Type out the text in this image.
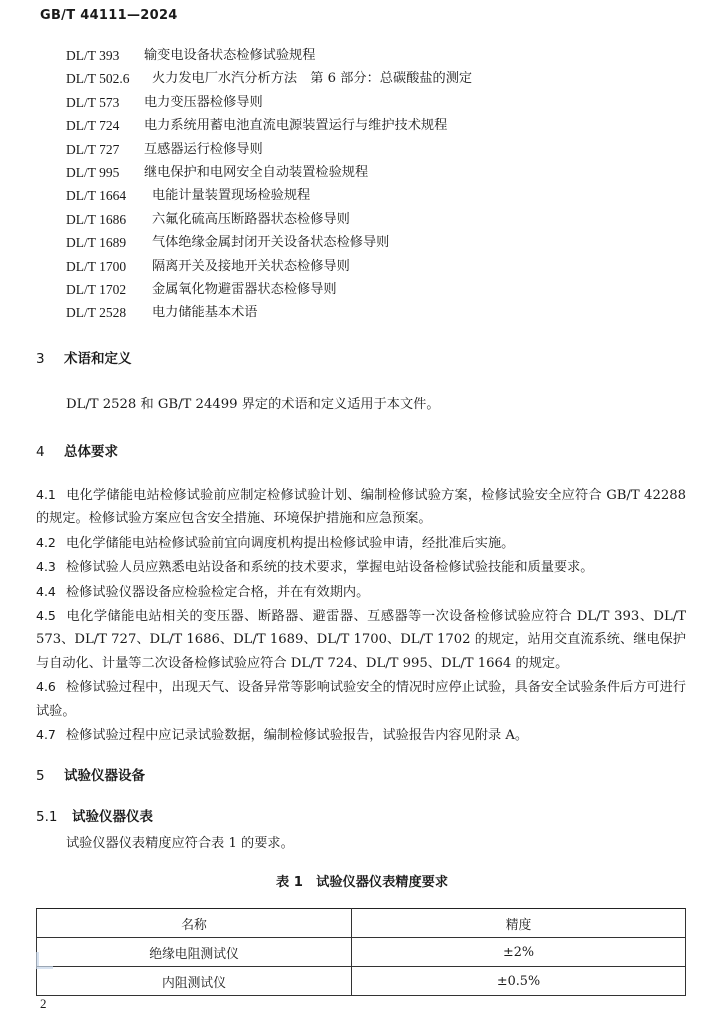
GB/T 44111—2024
DL/T 393	输变电设备状态检修试验规程
DL/T 502.6	火力发电厂水汽分析方法　第 6 部分：总碳酸盐的测定
DL/T 573	电力变压器检修导则
DL/T 724	电力系统用蓄电池直流电源装置运行与维护技术规程
DL/T 727	互感器运行检修导则
DL/T 995	继电保护和电网安全自动装置检验规程
DL/T 1664	电能计量装置现场检验规程
DL/T 1686	六氟化硫高压断路器状态检修导则
DL/T 1689	气体绝缘金属封闭开关设备状态检修导则
DL/T 1700	隔离开关及接地开关状态检修导则
DL/T 1702	金属氧化物避雷器状态检修导则
DL/T 2528	电力储能基本术语
3 术语和定义
DL/T 2528 和 GB/T 24499 界定的术语和定义适用于本文件。
4 总体要求
4.1 电化学储能电站检修试验前应制定检修试验计划、编制检修试验方案，检修试验安全应符合 GB/T 42288 的规定。检修试验方案应包含安全措施、环境保护措施和应急预案。
4.2 电化学储能电站检修试验前宜向调度机构提出检修试验申请，经批准后实施。
4.3 检修试验人员应熟悉电站设备和系统的技术要求，掌握电站设备检修试验技能和质量要求。
4.4 检修试验仪器设备应检验检定合格，并在有效期内。
4.5 电化学储能电站相关的变压器、断路器、避雷器、互感器等一次设备检修试验应符合 DL/T 393、DL/T 573、DL/T 727、DL/T 1686、DL/T 1689、DL/T 1700、DL/T 1702 的规定，站用交直流系统、继电保护与自动化、计量等二次设备检修试验应符合 DL/T 724、DL/T 995、DL/T 1664 的规定。
4.6 检修试验过程中，出现天气、设备异常等影响试验安全的情况时应停止试验，具备安全试验条件后方可进行试验。
4.7 检修试验过程中应记录试验数据，编制检修试验报告，试验报告内容见附录 A。
5 试验仪器设备
5.1 试验仪器仪表
试验仪器仪表精度应符合表 1 的要求。
表 1　试验仪器仪表精度要求
名称	精度
绝缘电阻测试仪	±2%
内阻测试仪	±0.5%
2
